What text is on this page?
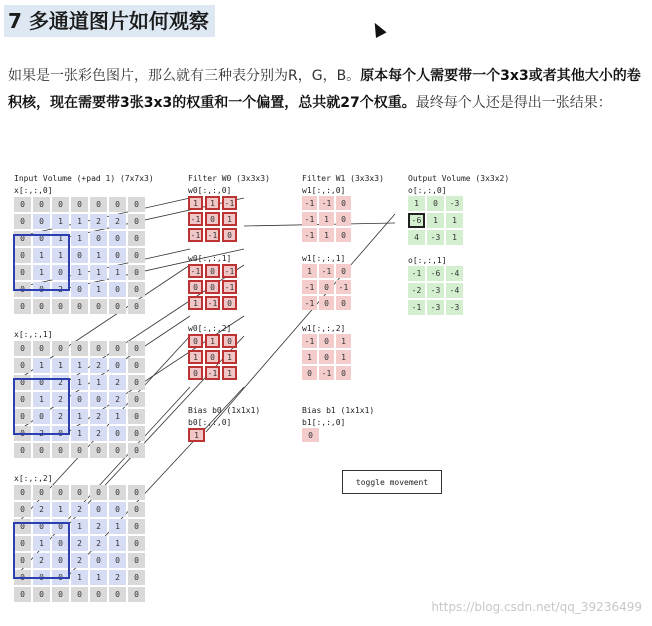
7 多通道图片如何观察
如果是一张彩色图片，那么就有三种表分别为R，G，B。原本每个人需要带一个3x3或者其他大小的卷积核，现在需要带3张3x3的权重和一个偏置，总共就27个权重。最终每个人还是得出一张结果：
Input Volume (+pad 1) (7x7x3)	Filter W0 (3x3x3)	Filter W1 (3x3x3)	Output Volume (3x3x2)
x[:,:,0]
0	0	0	0	0	0	0
0	0	1	1	2	2	0
0	0	1	1	0	0	0
0	1	1	0	1	0	0
0	1	0	1	1	1	0
0	0	2	0	1	0	0
0	0	0	0	0	0	0
x[:,:,1]
0	0	0	0	0	0	0
0	1	1	1	2	0	0
0	0	2	1	1	2	0
0	1	2	0	0	2	0
0	0	2	1	2	1	0
0	2	0	1	2	0	0
0	0	0	0	0	0	0
x[:,:,2]
0	0	0	0	0	0	0
0	2	1	2	0	0	0
0	0	0	1	2	1	0
0	1	0	2	2	1	0
0	2	0	2	0	0	0
0	0	0	1	1	2	0
0	0	0	0	0	0	0
w0[:,:,0]
1	1	-1
-1	0	1
-1 -1	0
w0[:,:,1]
-1	0	-1
0	0	-1
1	-1	0
w0[:,:,2]
0	1	0
1	0	1
0	-1	1
Bias b0 (1x1x1)
b0[:,:,0]
1
w1[:,:,0]
-1 -1	0
-1	1	0
-1	1	0
w1[:,:,1]
1	-1	0
-1	0	-1
-1	0	0
w1[:,:,2]
-1	0	1
1	0	1
0	-1	0
Bias b1 (1x1x1)
b1[:,:,0]
0
o[:,:,0]
1	0	-3
-6	1	1
4	-3	1
o[:,:,1]
-1	-6	-4
-2	-3	-4
-1	-3	-3
toggle movement
https://blog.csdn.net/qq_39236499
